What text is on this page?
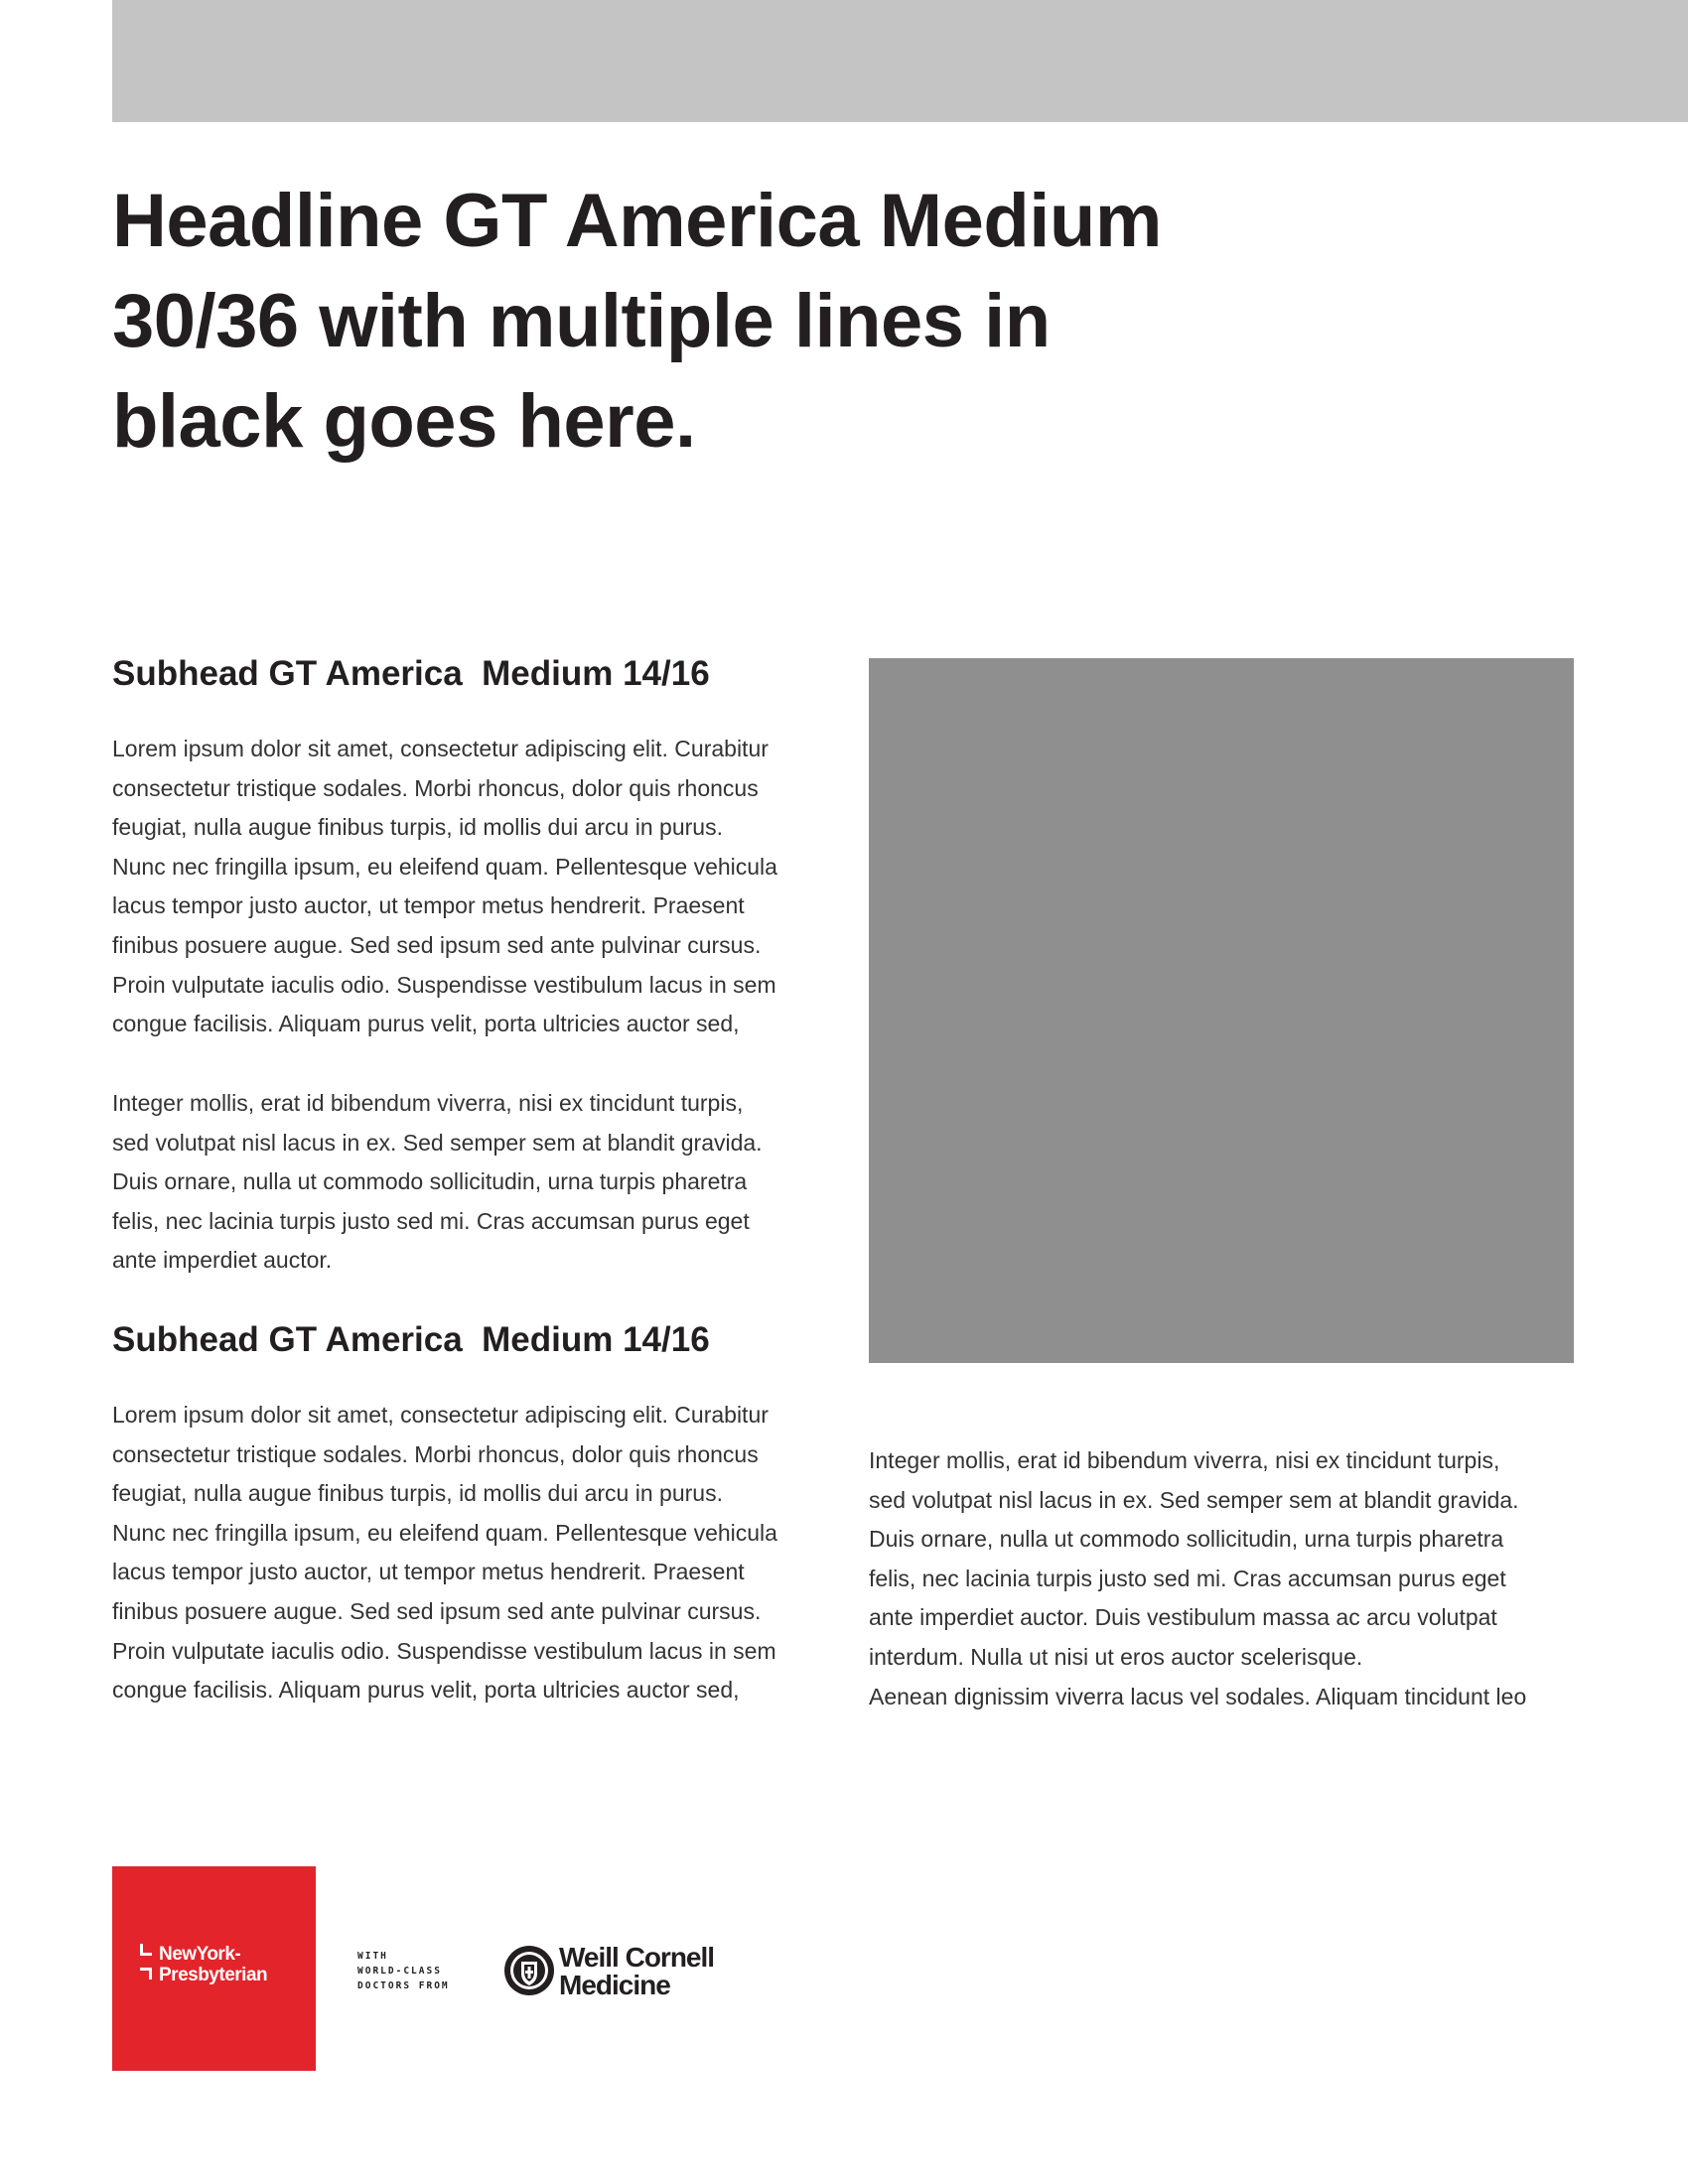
Headline GT America Medium
30/36 with multiple lines in
black goes here.
Subhead GT America  Medium 14/16
Lorem ipsum dolor sit amet, consectetur adipiscing elit. Curabitur
consectetur tristique sodales. Morbi rhoncus, dolor quis rhoncus
feugiat, nulla augue finibus turpis, id mollis dui arcu in purus.
Nunc nec fringilla ipsum, eu eleifend quam. Pellentesque vehicula
lacus tempor justo auctor, ut tempor metus hendrerit. Praesent
finibus posuere augue. Sed sed ipsum sed ante pulvinar cursus.
Proin vulputate iaculis odio. Suspendisse vestibulum lacus in sem
congue facilisis. Aliquam purus velit, porta ultricies auctor sed,
Integer mollis, erat id bibendum viverra, nisi ex tincidunt turpis,
sed volutpat nisl lacus in ex. Sed semper sem at blandit gravida.
Duis ornare, nulla ut commodo sollicitudin, urna turpis pharetra
felis, nec lacinia turpis justo sed mi. Cras accumsan purus eget
ante imperdiet auctor.
Subhead GT America  Medium 14/16
Lorem ipsum dolor sit amet, consectetur adipiscing elit. Curabitur
consectetur tristique sodales. Morbi rhoncus, dolor quis rhoncus
feugiat, nulla augue finibus turpis, id mollis dui arcu in purus.
Nunc nec fringilla ipsum, eu eleifend quam. Pellentesque vehicula
lacus tempor justo auctor, ut tempor metus hendrerit. Praesent
finibus posuere augue. Sed sed ipsum sed ante pulvinar cursus.
Proin vulputate iaculis odio. Suspendisse vestibulum lacus in sem
congue facilisis. Aliquam purus velit, porta ultricies auctor sed,
Integer mollis, erat id bibendum viverra, nisi ex tincidunt turpis,
sed volutpat nisl lacus in ex. Sed semper sem at blandit gravida.
Duis ornare, nulla ut commodo sollicitudin, urna turpis pharetra
felis, nec lacinia turpis justo sed mi. Cras accumsan purus eget
ante imperdiet auctor. Duis vestibulum massa ac arcu volutpat
interdum. Nulla ut nisi ut eros auctor scelerisque.
Aenean dignissim viverra lacus vel sodales. Aliquam tincidunt leo
NewYork-
Presbyterian
WITH
WORLD-CLASS
DOCTORS FROM
Weill Cornell
Medicine
